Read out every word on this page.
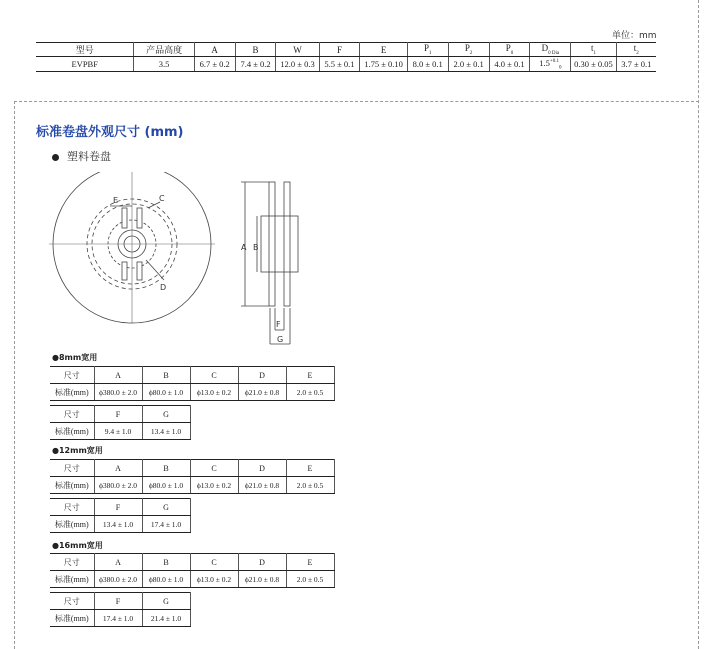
单位：mm
型号	产品高度	A	B	W	F	E	$P_1$	$P_2$	$P_0$	$D_{0 Dia}$	$t_1$	$t_2$
EVPBF	3.5	6.7 ± 0.2	7.4 ± 0.2	12.0 ± 0.3	5.5 ± 0.1	1.75 ± 0.10	8.0 ± 0.1	2.0 ± 0.1	4.0 ± 0.1	$1.5^{+0.1}_0$	0.30 ± 0.05	3.7 ± 0.1
标准卷盘外观尺寸 (mm)
塑料卷盘
E	C
D
A B
F
G
●8mm宽用
尺寸	A	B	C	D	E
标准(mm)	ϕ380.0 ± 2.0	ϕ80.0 ± 1.0	ϕ13.0 ± 0.2	ϕ21.0 ± 0.8	2.0 ± 0.5
尺寸	F	G
标准(mm)	9.4 ± 1.0	13.4 ± 1.0
●12mm宽用
尺寸	A	B	C	D	E
标准(mm)	ϕ380.0 ± 2.0	ϕ80.0 ± 1.0	ϕ13.0 ± 0.2	ϕ21.0 ± 0.8	2.0 ± 0.5
尺寸	F	G
标准(mm)	13.4 ± 1.0	17.4 ± 1.0
●16mm宽用
尺寸	A	B	C	D	E
标准(mm)	ϕ380.0 ± 2.0	ϕ80.0 ± 1.0	ϕ13.0 ± 0.2	ϕ21.0 ± 0.8	2.0 ± 0.5
尺寸	F	G
标准(mm)	17.4 ± 1.0	21.4 ± 1.0
